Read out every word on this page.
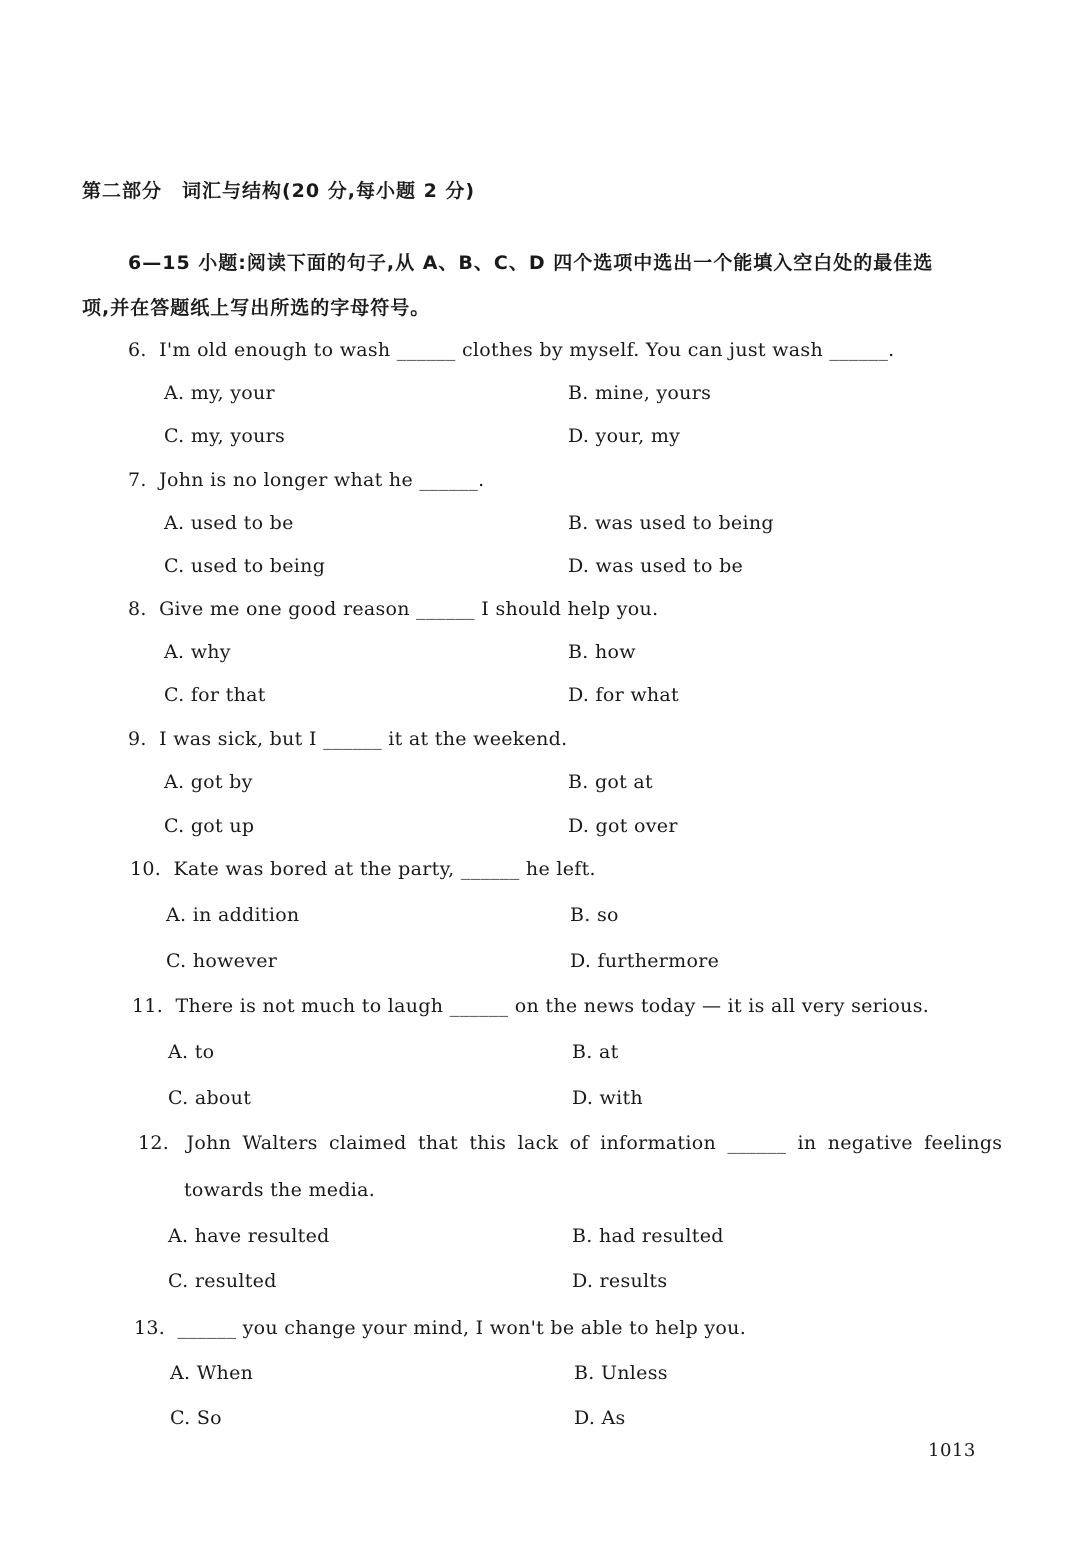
第二部分　词汇与结构(20 分,每小题 2 分)
6—15 小题:阅读下面的句子,从 A、B、C、D 四个选项中选出一个能填入空白处的最佳选
项,并在答题纸上写出所选的字母符号。
6. I'm old enough to wash ______ clothes by myself. You can just wash ______.
A. my, your	B. mine, yours
C. my, yours	D. your, my
7. John is no longer what he ______.
A. used to be	B. was used to being
C. used to being	D. was used to be
8. Give me one good reason ______ I should help you.
A. why	B. how
C. for that	D. for what
9. I was sick, but I ______ it at the weekend.
A. got by	B. got at
C. got up	D. got over
10. Kate was bored at the party, ______ he left.
A. in addition	B. so
C. however	D. furthermore
11. There is not much to laugh ______ on the news today — it is all very serious.
A. to	B. at
C. about	D. with
12. John Walters claimed that this lack of information ______ in negative feelings
towards the media.
A. have resulted	B. had resulted
C. resulted	D. results
13. ______ you change your mind, I won't be able to help you.
A. When	B. Unless
C. So	D. As
1013
